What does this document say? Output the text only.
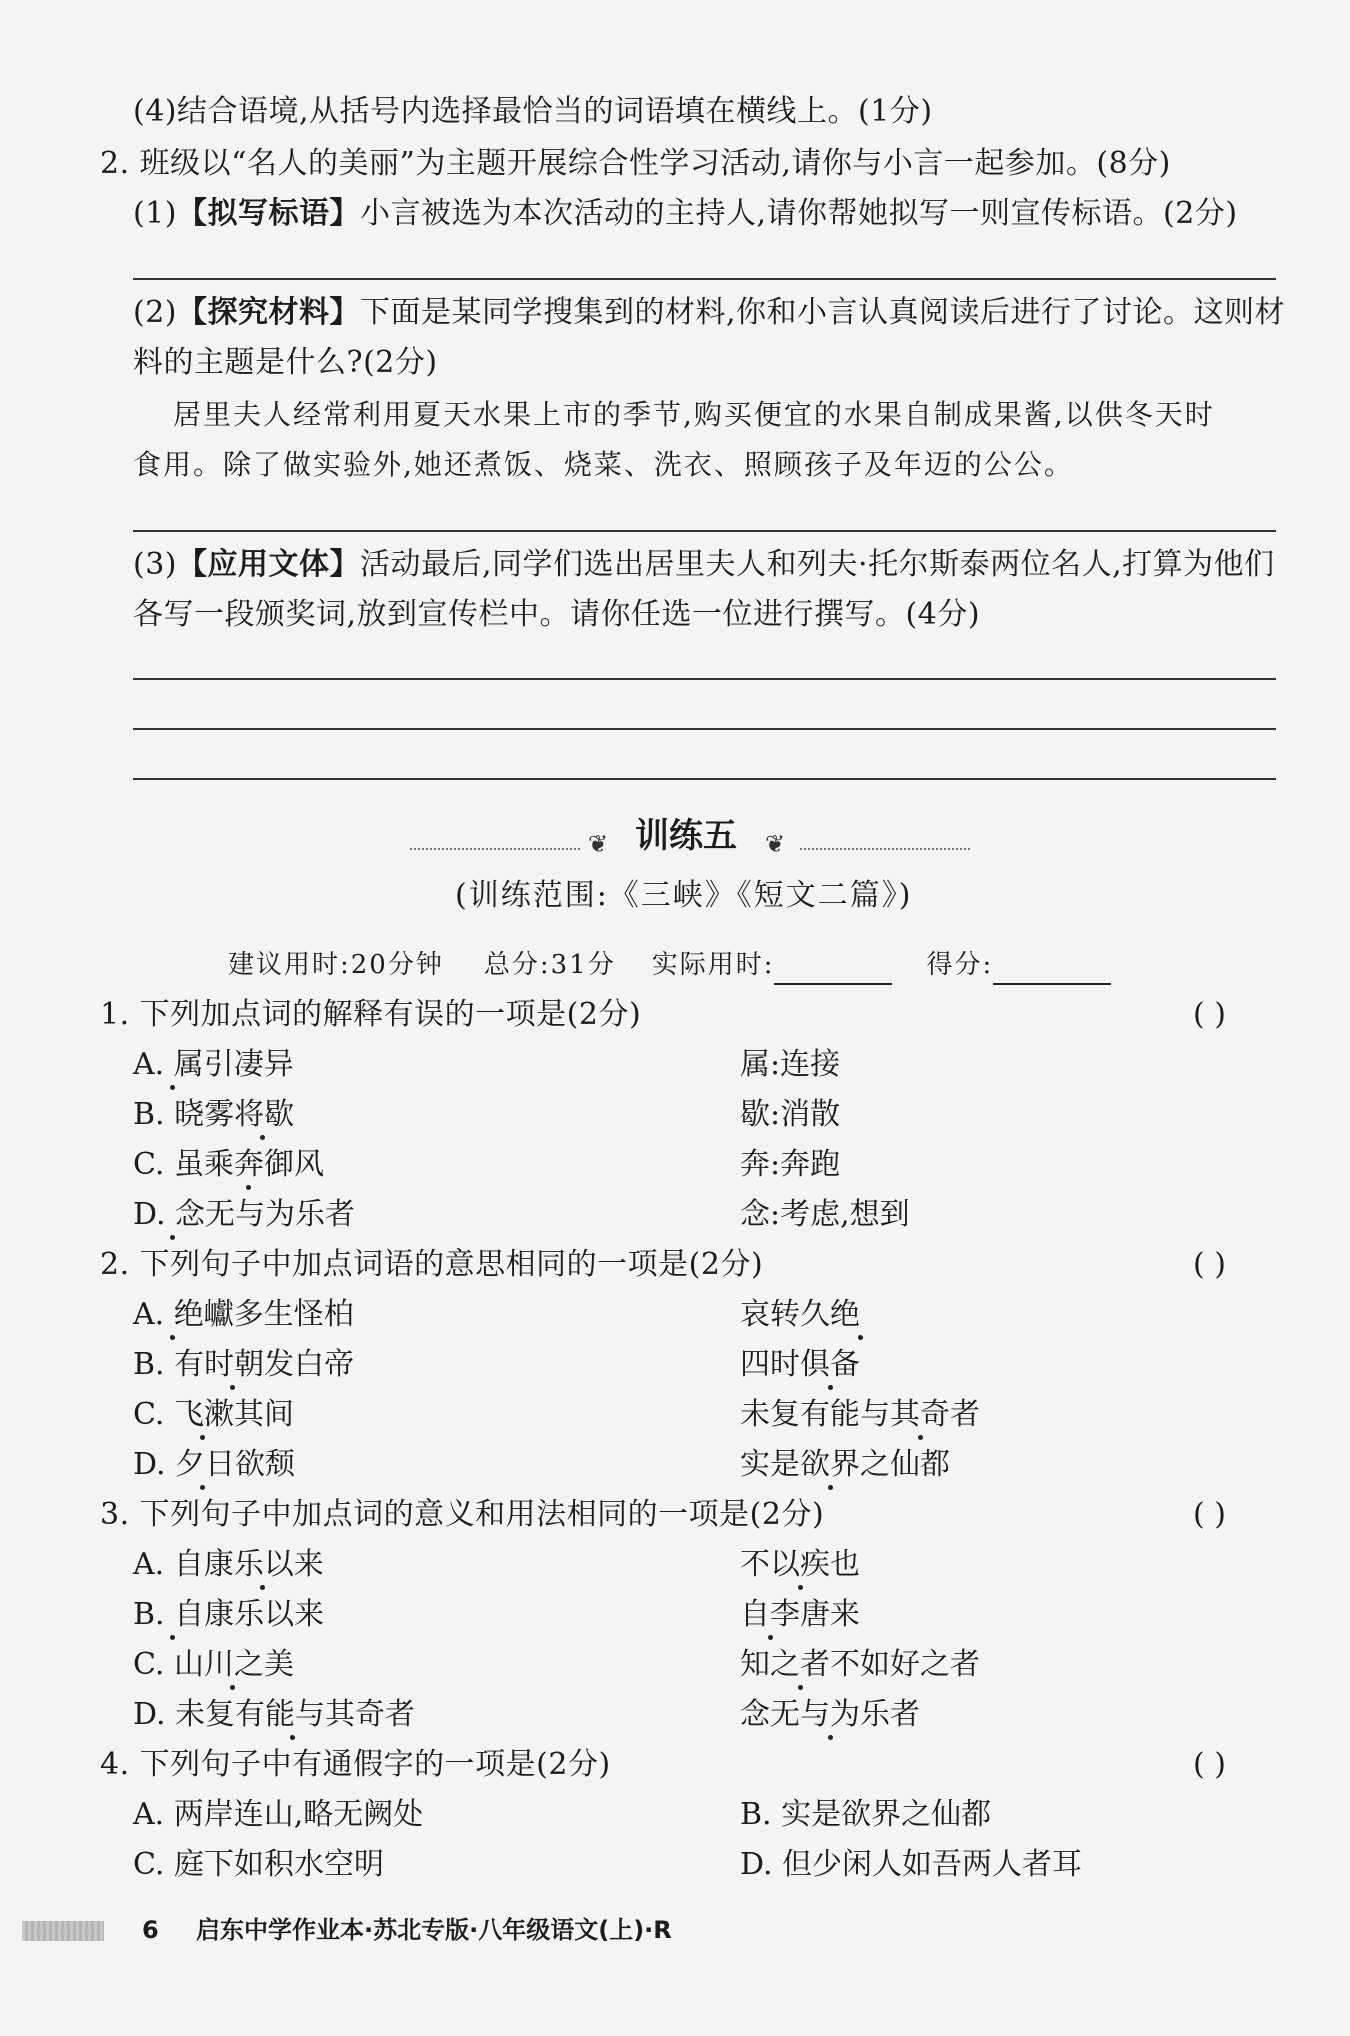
(4)结合语境,从括号内选择最恰当的词语填在横线上。(1分)
2. 班级以“名人的美丽”为主题开展综合性学习活动,请你与小言一起参加。(8分)
(1)【拟写标语】小言被选为本次活动的主持人,请你帮她拟写一则宣传标语。(2分)
(2)【探究材料】下面是某同学搜集到的材料,你和小言认真阅读后进行了讨论。这则材
料的主题是什么?(2分)
居里夫人经常利用夏天水果上市的季节,购买便宜的水果自制成果酱,以供冬天时
食用。除了做实验外,她还煮饭、烧菜、洗衣、照顾孩子及年迈的公公。
(3)【应用文体】活动最后,同学们选出居里夫人和列夫·托尔斯泰两位名人,打算为他们
各写一段颁奖词,放到宣传栏中。请你任选一位进行撰写。(4分)
❦ 训练五 ❦
(训练范围:《三峡》《短文二篇》)
建议用时:20分钟 总分:31分 实际用时:	得分:
1. 下列加点词的解释有误的一项是(2分)	( )
A. 属引凄异	属:连接
B. 晓雾将歇	歇:消散
C. 虽乘奔御风	奔:奔跑
D. 念无与为乐者	念:考虑,想到
2. 下列句子中加点词语的意思相同的一项是(2分)	( )
A. 绝巘多生怪柏	哀转久绝
B. 有时朝发白帝	四时俱备
C. 飞漱其间	未复有能与其奇者
D. 夕日欲颓	实是欲界之仙都
3. 下列句子中加点词的意义和用法相同的一项是(2分)	( )
A. 自康乐以来	不以疾也
B. 自康乐以来	自李唐来
C. 山川之美	知之者不如好之者
D. 未复有能与其奇者	念无与为乐者
4. 下列句子中有通假字的一项是(2分)	( )
A. 两岸连山,略无阙处	B. 实是欲界之仙都
C. 庭下如积水空明	D. 但少闲人如吾两人者耳
6 启东中学作业本·苏北专版·八年级语文(上)·R
